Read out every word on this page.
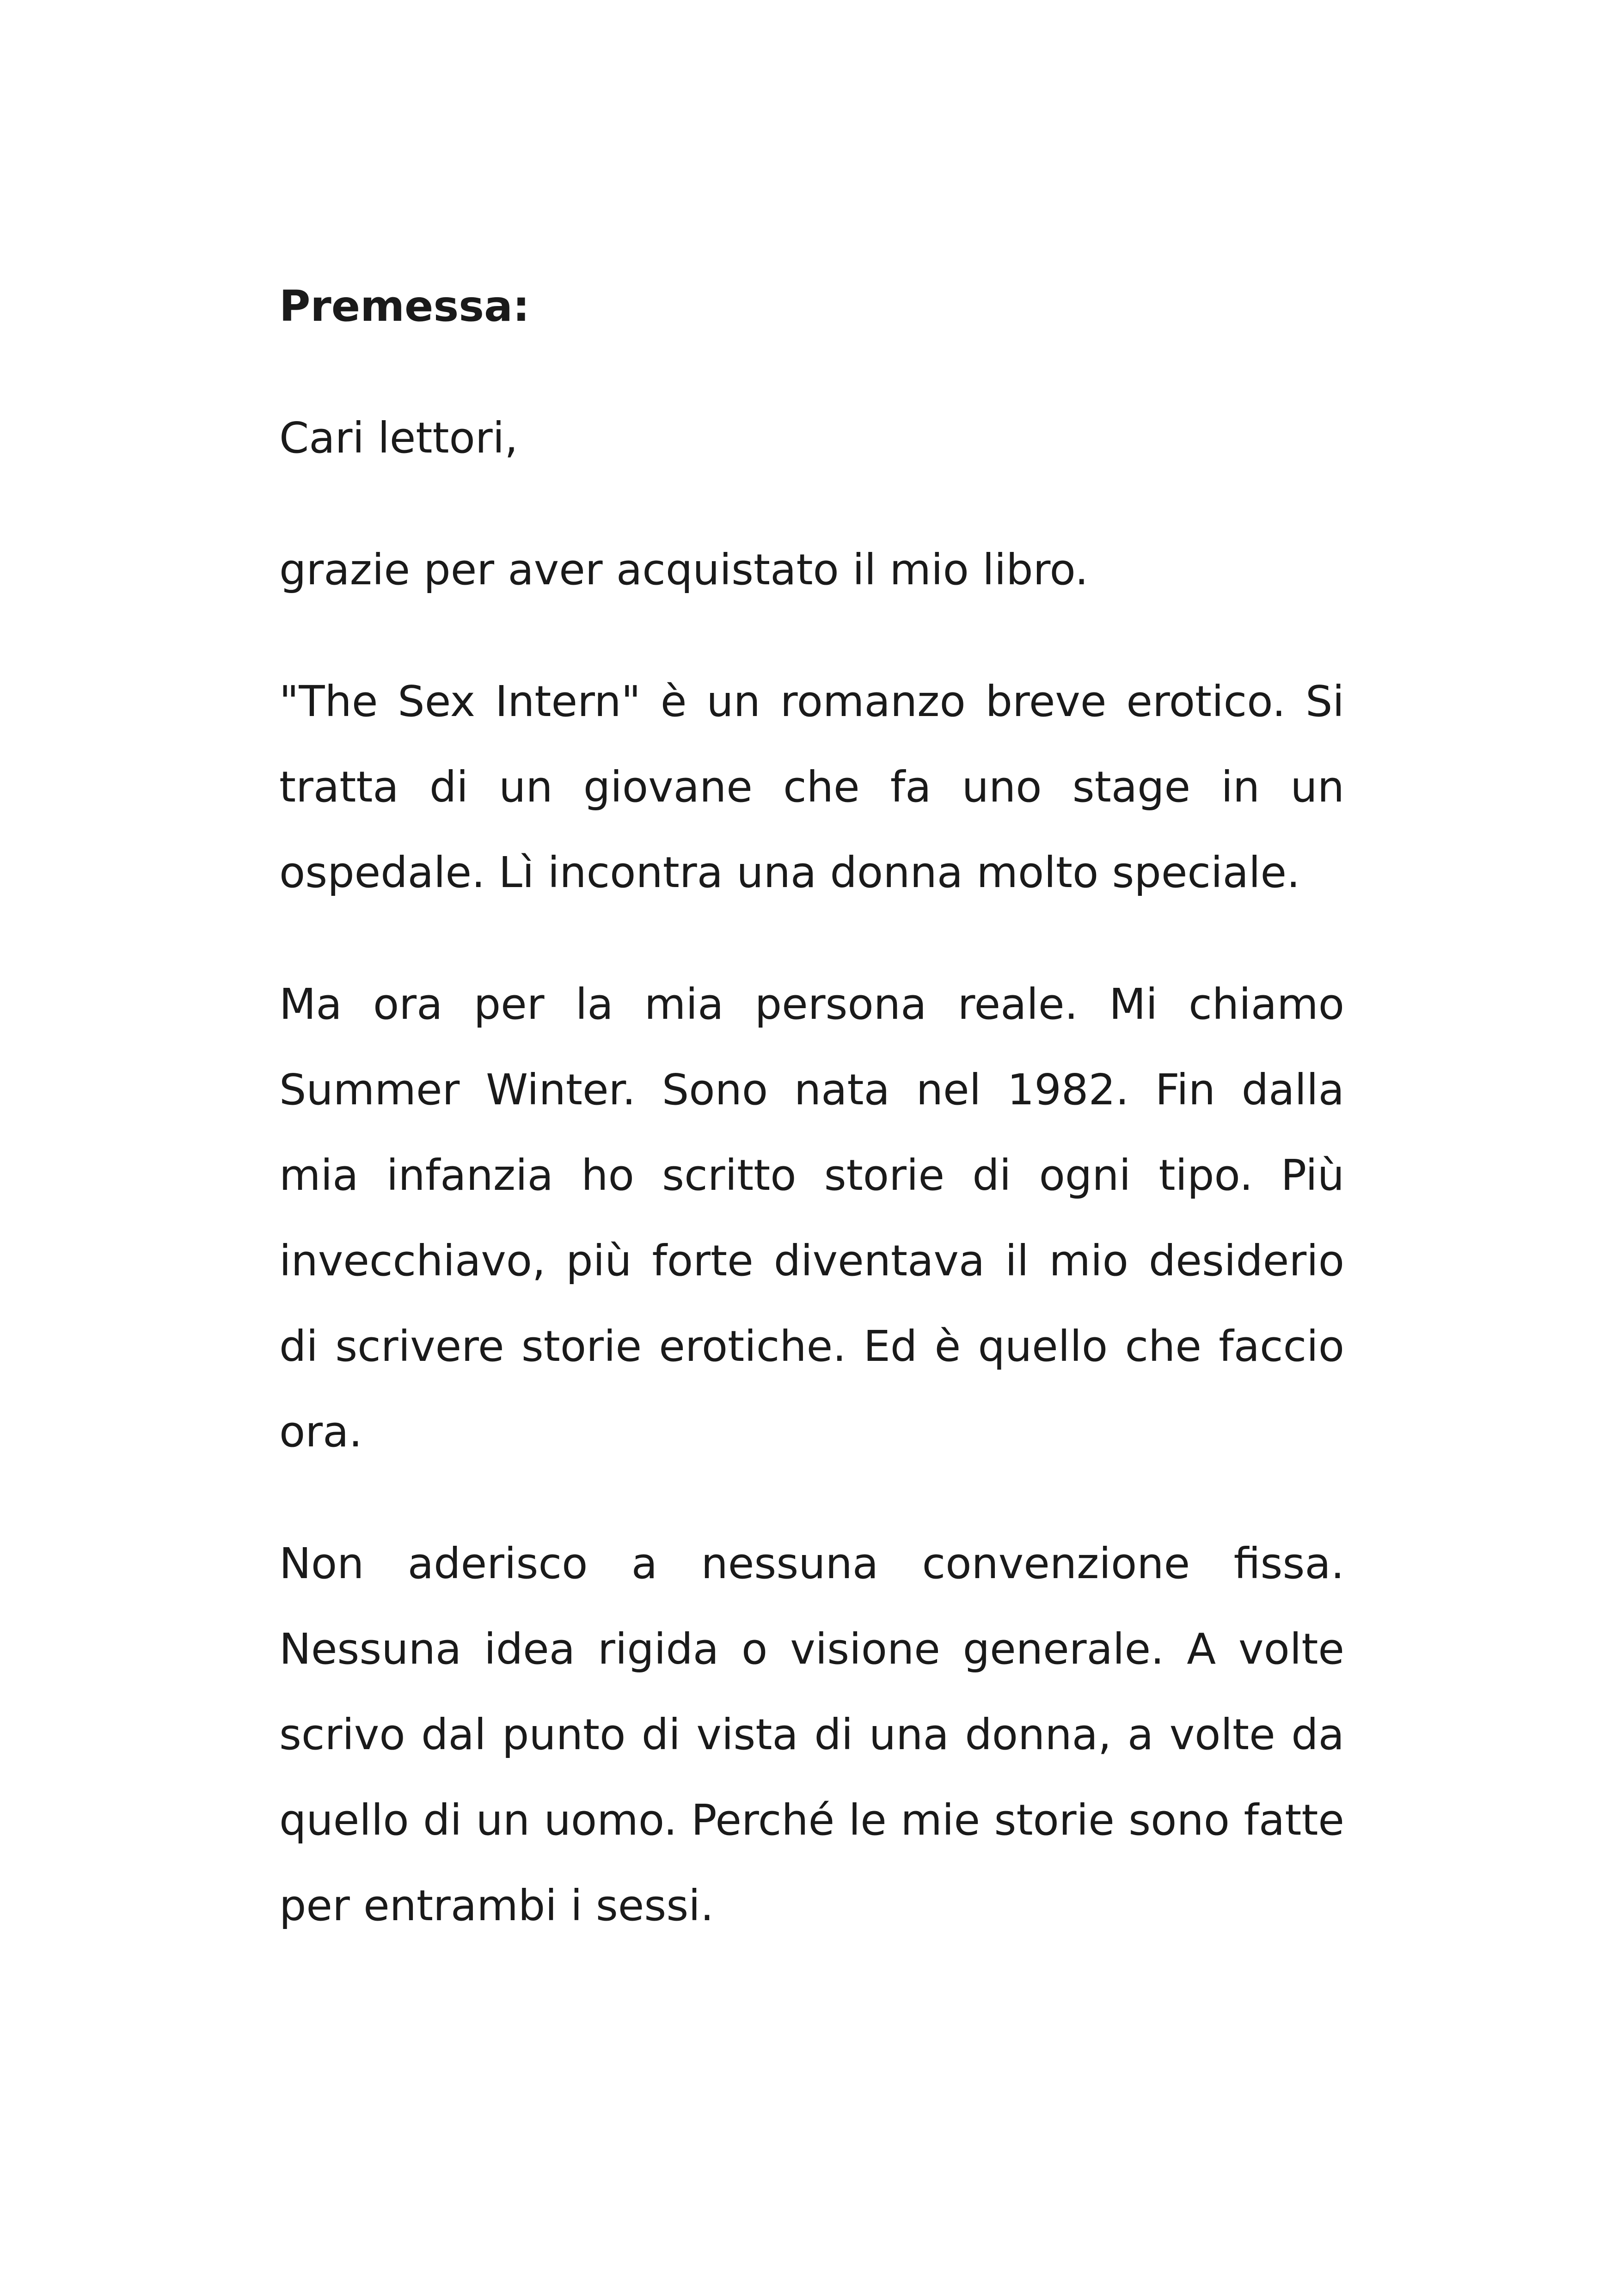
Premessa:

Cari lettori,

grazie per aver acquistato il mio libro.

"The Sex Intern" è un romanzo breve erotico. Si tratta di un giovane che fa uno stage in un ospedale. Lì incontra una donna molto speciale.

Ma ora per la mia persona reale. Mi chiamo Summer Winter. Sono nata nel 1982. Fin dalla mia infanzia ho scritto storie di ogni tipo. Più invecchiavo, più forte diventava il mio desiderio di scrivere storie erotiche. Ed è quello che faccio ora.

Non aderisco a nessuna convenzione fissa. Nessuna idea rigida o visione generale. A volte scrivo dal punto di vista di una donna, a volte da quello di un uomo. Perché le mie storie sono fatte per entrambi i sessi.
